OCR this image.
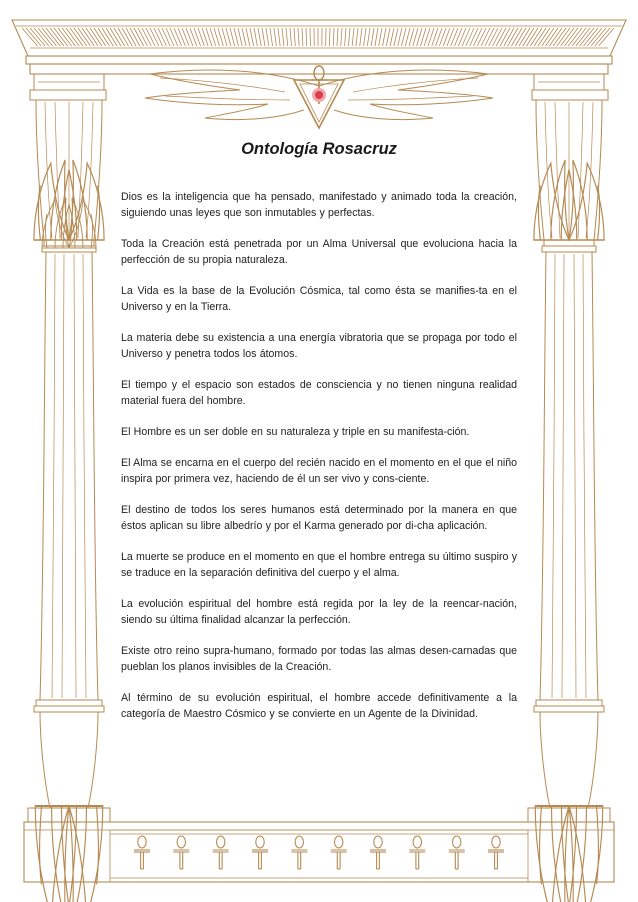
Ontología Rosacruz

Dios es la inteligencia que ha pensado, manifestado y animado toda la creación, siguiendo unas leyes que son inmutables y perfectas.

Toda la Creación está penetrada por un Alma Universal que evoluciona hacia la perfección de su propia naturaleza.

La Vida es la base de la Evolución Cósmica, tal como ésta se manifies-ta en el Universo y en la Tierra.

La materia debe su existencia a una energía vibratoria que se propaga por todo el Universo y penetra todos los átomos.

El tiempo y el espacio son estados de consciencia y no tienen ninguna realidad material fuera del hombre.

El Hombre es un ser doble en su naturaleza y triple en su manifesta-ción.

El Alma se encarna en el cuerpo del recién nacido en el momento en el que el niño inspira por primera vez, haciendo de él un ser vivo y cons-ciente.

El destino de todos los seres humanos está determinado por la manera en que éstos aplican su libre albedrío y por el Karma generado por di-cha aplicación.

La muerte se produce en el momento en que el hombre entrega su último suspiro y se traduce en la separación definitiva del cuerpo y el alma.

La evolución espiritual del hombre está regida por la ley de la reencar-nación, siendo su última finalidad alcanzar la perfección.

Existe otro reino supra-humano, formado por todas las almas desen-carnadas que pueblan los planos invisibles de la Creación.

Al término de su evolución espiritual, el hombre accede definitivamente a la categoría de Maestro Cósmico y se convierte en un Agente de la Divinidad.
